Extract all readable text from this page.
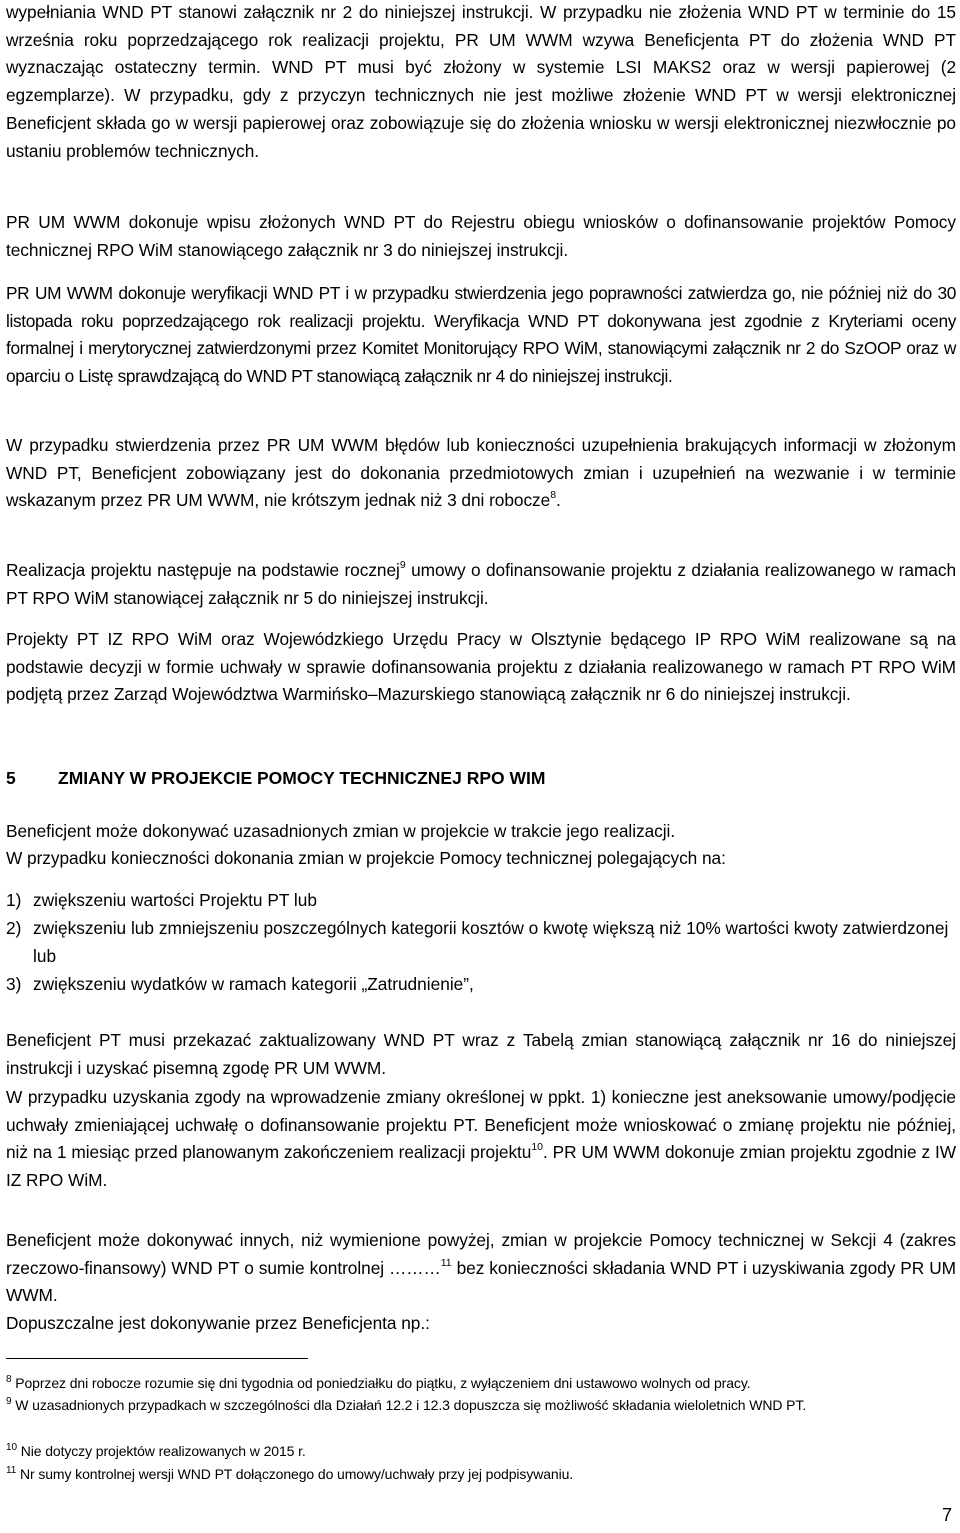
wypełniania WND PT stanowi załącznik nr 2 do niniejszej instrukcji. W przypadku nie złożenia WND PT w terminie do 15 września roku poprzedzającego rok realizacji projektu, PR UM WWM wzywa Beneficjenta PT do złożenia WND PT wyznaczając ostateczny termin. WND PT musi być złożony w systemie LSI MAKS2 oraz w wersji papierowej (2 egzemplarze). W przypadku, gdy z przyczyn technicznych nie jest możliwe złożenie WND PT w wersji elektronicznej Beneficjent składa go w wersji papierowej oraz zobowiązuje się do złożenia wniosku w wersji elektronicznej niezwłocznie po ustaniu problemów technicznych.

PR UM WWM dokonuje wpisu złożonych WND PT do Rejestru obiegu wniosków o dofinansowanie projektów Pomocy technicznej RPO WiM stanowiącego załącznik nr 3 do niniejszej instrukcji.

PR UM WWM dokonuje weryfikacji WND PT i w przypadku stwierdzenia jego poprawności zatwierdza go, nie później niż do 30 listopada roku poprzedzającego rok realizacji projektu. Weryfikacja WND PT dokonywana jest zgodnie z Kryteriami oceny formalnej i merytorycznej zatwierdzonymi przez Komitet Monitorujący RPO WiM, stanowiącymi załącznik nr 2 do SzOOP oraz w oparciu o Listę sprawdzającą do WND PT stanowiącą załącznik nr 4 do niniejszej instrukcji.

W przypadku stwierdzenia przez PR UM WWM błędów lub konieczności uzupełnienia brakujących informacji w złożonym WND PT, Beneficjent zobowiązany jest do dokonania przedmiotowych zmian i uzupełnień na wezwanie i w terminie wskazanym przez PR UM WWM, nie krótszym jednak niż 3 dni robocze$^8$.

Realizacja projektu następuje na podstawie rocznej$^9$ umowy o dofinansowanie projektu z działania realizowanego w ramach PT RPO WiM stanowiącej załącznik nr 5 do niniejszej instrukcji.

Projekty PT IZ RPO WiM oraz Wojewódzkiego Urzędu Pracy w Olsztynie będącego IP RPO WiM realizowane są na podstawie decyzji w formie uchwały w sprawie dofinansowania projektu z działania realizowanego w ramach PT RPO WiM podjętą przez Zarząd Województwa Warmińsko–Mazurskiego stanowiącą załącznik nr 6 do niniejszej instrukcji.

5 ZMIANY W PROJEKCIE POMOCY TECHNICZNEJ RPO WIM

Beneficjent może dokonywać uzasadnionych zmian w projekcie w trakcie jego realizacji.

W przypadku konieczności dokonania zmian w projekcie Pomocy technicznej polegających na:

1) zwiększeniu wartości Projektu PT lub
2) zwiększeniu lub zmniejszeniu poszczególnych kategorii kosztów o kwotę większą niż 10% wartości kwoty zatwierdzonej lub
3) zwiększeniu wydatków w ramach kategorii „Zatrudnienie”,

Beneficjent PT musi przekazać zaktualizowany WND PT wraz z Tabelą zmian stanowiącą załącznik nr 16 do niniejszej instrukcji i uzyskać pisemną zgodę PR UM WWM.

W przypadku uzyskania zgody na wprowadzenie zmiany określonej w ppkt. 1) konieczne jest aneksowanie umowy/podjęcie uchwały zmieniającej uchwałę o dofinansowanie projektu PT. Beneficjent może wnioskować o zmianę projektu nie później, niż na 1 miesiąc przed planowanym zakończeniem realizacji projektu$^{10}$. PR UM WWM dokonuje zmian projektu zgodnie z IW IZ RPO WiM.

Beneficjent może dokonywać innych, niż wymienione powyżej, zmian w projekcie Pomocy technicznej w Sekcji 4 (zakres rzeczowo-finansowy) WND PT o sumie kontrolnej ………$^{11}$ bez konieczności składania WND PT i uzyskiwania zgody PR UM WWM.

Dopuszczalne jest dokonywanie przez Beneficjenta np.:

$^8$ Poprzez dni robocze rozumie się dni tygodnia od poniedziałku do piątku, z wyłączeniem dni ustawowo wolnych od pracy.
$^9$ W uzasadnionych przypadkach w szczególności dla Działań 12.2 i 12.3 dopuszcza się możliwość składania wieloletnich WND PT.
$^{10}$ Nie dotyczy projektów realizowanych w 2015 r.
$^{11}$ Nr sumy kontrolnej wersji WND PT dołączonego do umowy/uchwały przy jej podpisywaniu.
7
